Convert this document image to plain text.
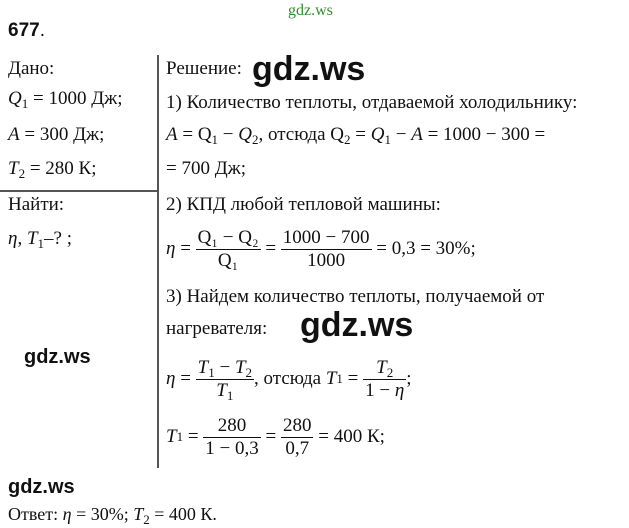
gdz.ws
677.
Дано:
$Q_1 = 1000$ Дж;
A = 300 Дж;
$T_2 = 280$ К;
Найти:
η, $T_1-$? ;
Решение: gdz.ws
1) Количество теплоты, отдаваемой холодильнику:
$A = Q_1 - Q_2$, отсюда $Q_2 = Q_1 - A = 1000 - 300$ =
= 700 Дж;
2) КПД любой тепловой машины:
$\eta = \frac{\text{Q₁ − Q₂}}{\text{Q₁}} = \frac{1000 - 700}{1000}$
= 0,3 = 30%;
3) Найдем количество теплоты, получаемой от
нагревателя: gdz.ws
$\eta = \frac{T_1 - T_2}{T_1}$ , отсюда
T $1 = \frac{T_2}{1 - \eta}$ ;
T $1 = \frac{280}{1 - 0,3} = \frac{280}{0,7}$
= 400 К;
gdz.ws
gdz.ws
Ответ: η = 30%; $T_2 = 400$ К.
